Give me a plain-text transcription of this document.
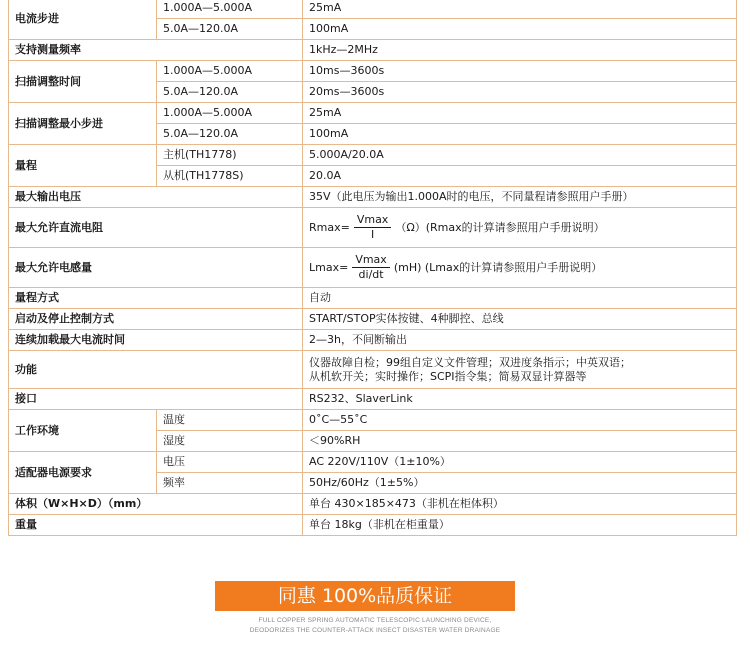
电流步进	1.000A—5.000A	25mA
	5.0A—120.0A	100mA
支持测量频率		1kHz—2MHz
扫描调整时间	1.000A—5.000A	10ms—3600s
	5.0A—120.0A	20ms—3600s
扫描调整最小步进	1.000A—5.000A	25mA
	5.0A—120.0A	100mA
量程	主机(TH1778)	5.000A/20.0A
	从机(TH1778S)	20.0A
最大输出电压		35V（此电压为输出1.000A时的电压，不同量程请参照用户手册）
最大允许直流电阻		$Rmax= \frac{Vmax}{I} (\Omega)(Rmax$的计算请参照用户手册说明）

最大允许电感量		$Lmax= \frac{Vmax}{di/dt} (mH)$ (Lmax的计算请参照用户手册说明）

量程方式		自动
启动及停止控制方式		START/STOP实体按键、4种脚控、总线
连续加载最大电流时间		2—3h，不间断输出
功能		仪器故障自检；99组自定义文件管理；双进度条指示；中英双语；
从机软开关；实时操作；SCPI指令集；简易双显计算器等

接口		RS232、SlaverLink
工作环境	温度	0˚C—55˚C
	湿度	＜90%RH
适配器电源要求	电压	AC 220V/110V（1±10%）
	频率	50Hz/60Hz（1±5%）
体积（W×H×D）（mm）		单台 430×185×473（非机在柜体积）
重量		单台 18kg（非机在柜重量）
同惠 100%品质保证
FULL COPPER SPRING AUTOMATIC TELESCOPIC LAUNCHING DEVICE,
DEODORIZES THE COUNTER-ATTACK INSECT DISASTER WATER DRAINAGE
